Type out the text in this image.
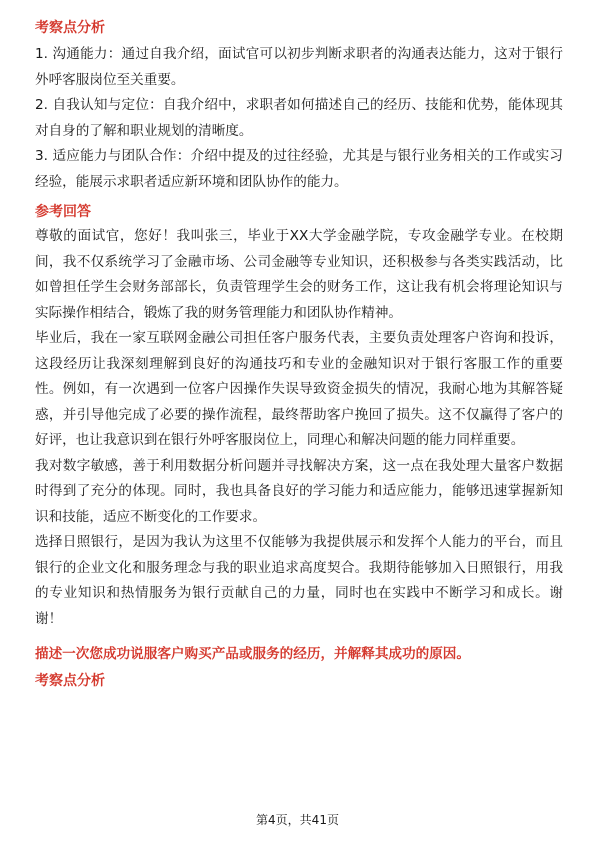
考察点分析

1. 沟通能力：通过自我介绍，面试官可以初步判断求职者的沟通表达能力，这对于银行外呼客服岗位至关重要。

2. 自我认知与定位：自我介绍中，求职者如何描述自己的经历、技能和优势，能体现其对自身的了解和职业规划的清晰度。

3. 适应能力与团队合作：介绍中提及的过往经验，尤其是与银行业务相关的工作或实习经验，能展示求职者适应新环境和团队协作的能力。

参考回答

尊敬的面试官，您好！我叫张三，毕业于XX大学金融学院，专攻金融学专业。在校期间，我不仅系统学习了金融市场、公司金融等专业知识，还积极参与各类实践活动，比如曾担任学生会财务部部长，负责管理学生会的财务工作，这让我有机会将理论知识与实际操作相结合，锻炼了我的财务管理能力和团队协作精神。

毕业后，我在一家互联网金融公司担任客户服务代表，主要负责处理客户咨询和投诉，这段经历让我深刻理解到良好的沟通技巧和专业的金融知识对于银行客服工作的重要性。例如，有一次遇到一位客户因操作失误导致资金损失的情况，我耐心地为其解答疑惑，并引导他完成了必要的操作流程，最终帮助客户挽回了损失。这不仅赢得了客户的好评，也让我意识到在银行外呼客服岗位上，同理心和解决问题的能力同样重要。

我对数字敏感，善于利用数据分析问题并寻找解决方案，这一点在我处理大量客户数据时得到了充分的体现。同时，我也具备良好的学习能力和适应能力，能够迅速掌握新知识和技能，适应不断变化的工作要求。

选择日照银行，是因为我认为这里不仅能够为我提供展示和发挥个人能力的平台，而且银行的企业文化和服务理念与我的职业追求高度契合。我期待能够加入日照银行，用我的专业知识和热情服务为银行贡献自己的力量，同时也在实践中不断学习和成长。谢谢！

描述一次您成功说服客户购买产品或服务的经历，并解释其成功的原因。

考察点分析

第4页，共41页
